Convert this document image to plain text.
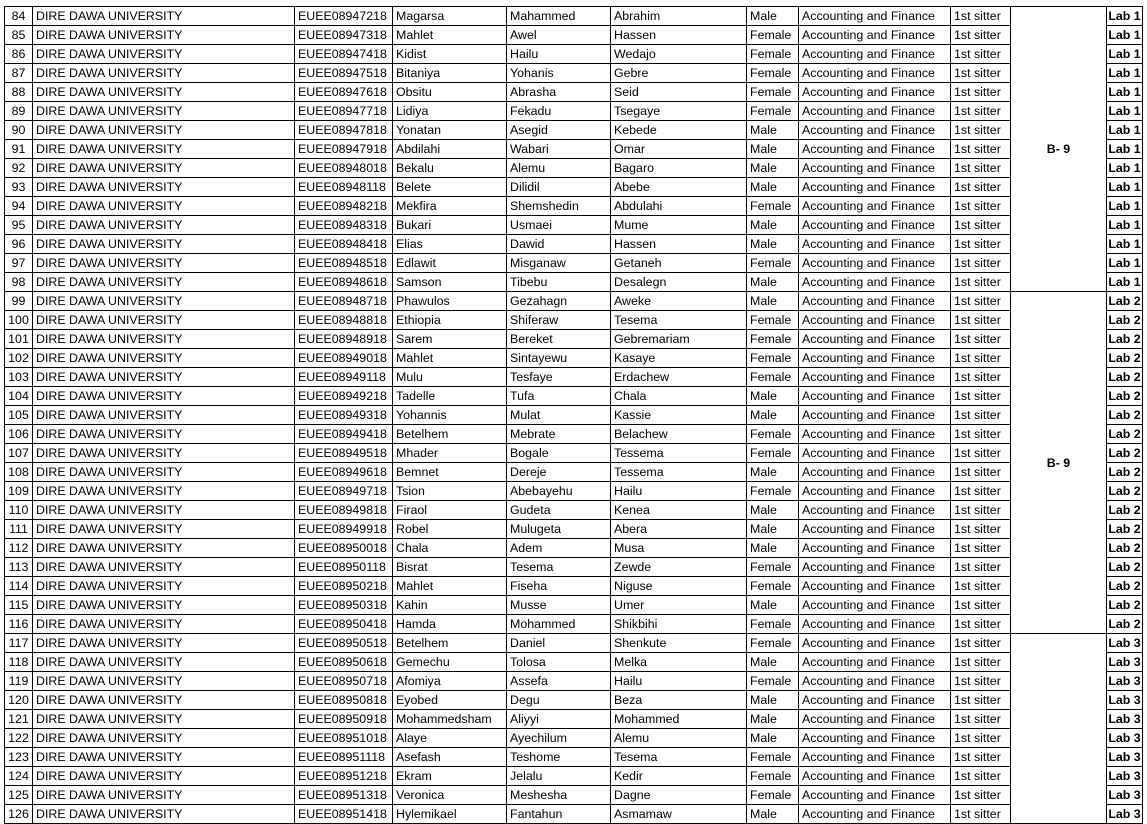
84	DIRE DAWA UNIVERSITY	EUEE08947218	Magarsa	Mahammed	Abrahim	Male	Accounting and Finance	1st sitter	B- 9	Lab 1
85	DIRE DAWA UNIVERSITY	EUEE08947318	Mahlet	Awel	Hassen	Female	Accounting and Finance	1st sitter		Lab 1
86	DIRE DAWA UNIVERSITY	EUEE08947418	Kidist	Hailu	Wedajo	Female	Accounting and Finance	1st sitter		Lab 1
87	DIRE DAWA UNIVERSITY	EUEE08947518	Bitaniya	Yohanis	Gebre	Female	Accounting and Finance	1st sitter		Lab 1
88	DIRE DAWA UNIVERSITY	EUEE08947618	Obsitu	Abrasha	Seid	Female	Accounting and Finance	1st sitter		Lab 1
89	DIRE DAWA UNIVERSITY	EUEE08947718	Lidiya	Fekadu	Tsegaye	Female	Accounting and Finance	1st sitter		Lab 1
90	DIRE DAWA UNIVERSITY	EUEE08947818	Yonatan	Asegid	Kebede	Male	Accounting and Finance	1st sitter		Lab 1
91	DIRE DAWA UNIVERSITY	EUEE08947918	Abdilahi	Wabari	Omar	Male	Accounting and Finance	1st sitter		Lab 1
92	DIRE DAWA UNIVERSITY	EUEE08948018	Bekalu	Alemu	Bagaro	Male	Accounting and Finance	1st sitter		Lab 1
93	DIRE DAWA UNIVERSITY	EUEE08948118	Belete	Dilidil	Abebe	Male	Accounting and Finance	1st sitter		Lab 1
94	DIRE DAWA UNIVERSITY	EUEE08948218	Mekfira	Shemshedin	Abdulahi	Female	Accounting and Finance	1st sitter		Lab 1
95	DIRE DAWA UNIVERSITY	EUEE08948318	Bukari	Usmaei	Mume	Male	Accounting and Finance	1st sitter		Lab 1
96	DIRE DAWA UNIVERSITY	EUEE08948418	Elias	Dawid	Hassen	Male	Accounting and Finance	1st sitter		Lab 1
97	DIRE DAWA UNIVERSITY	EUEE08948518	Edlawit	Misganaw	Getaneh	Female	Accounting and Finance	1st sitter		Lab 1
98	DIRE DAWA UNIVERSITY	EUEE08948618	Samson	Tibebu	Desalegn	Male	Accounting and Finance	1st sitter		Lab 1
99	DIRE DAWA UNIVERSITY	EUEE08948718	Phawulos	Gezahagn	Aweke	Male	Accounting and Finance	1st sitter	B- 9	Lab 2
100	DIRE DAWA UNIVERSITY	EUEE08948818	Ethiopia	Shiferaw	Tesema	Female	Accounting and Finance	1st sitter		Lab 2
101	DIRE DAWA UNIVERSITY	EUEE08948918	Sarem	Bereket	Gebremariam	Female	Accounting and Finance	1st sitter		Lab 2
102	DIRE DAWA UNIVERSITY	EUEE08949018	Mahlet	Sintayewu	Kasaye	Female	Accounting and Finance	1st sitter		Lab 2
103	DIRE DAWA UNIVERSITY	EUEE08949118	Mulu	Tesfaye	Erdachew	Female	Accounting and Finance	1st sitter		Lab 2
104	DIRE DAWA UNIVERSITY	EUEE08949218	Tadelle	Tufa	Chala	Male	Accounting and Finance	1st sitter		Lab 2
105	DIRE DAWA UNIVERSITY	EUEE08949318	Yohannis	Mulat	Kassie	Male	Accounting and Finance	1st sitter		Lab 2
106	DIRE DAWA UNIVERSITY	EUEE08949418	Betelhem	Mebrate	Belachew	Female	Accounting and Finance	1st sitter		Lab 2
107	DIRE DAWA UNIVERSITY	EUEE08949518	Mhader	Bogale	Tessema	Female	Accounting and Finance	1st sitter		Lab 2
108	DIRE DAWA UNIVERSITY	EUEE08949618	Bemnet	Dereje	Tessema	Male	Accounting and Finance	1st sitter		Lab 2
109	DIRE DAWA UNIVERSITY	EUEE08949718	Tsion	Abebayehu	Hailu	Female	Accounting and Finance	1st sitter		Lab 2
110	DIRE DAWA UNIVERSITY	EUEE08949818	Firaol	Gudeta	Kenea	Male	Accounting and Finance	1st sitter		Lab 2
111	DIRE DAWA UNIVERSITY	EUEE08949918	Robel	Mulugeta	Abera	Male	Accounting and Finance	1st sitter		Lab 2
112	DIRE DAWA UNIVERSITY	EUEE08950018	Chala	Adem	Musa	Male	Accounting and Finance	1st sitter		Lab 2
113	DIRE DAWA UNIVERSITY	EUEE08950118	Bisrat	Tesema	Zewde	Female	Accounting and Finance	1st sitter		Lab 2
114	DIRE DAWA UNIVERSITY	EUEE08950218	Mahlet	Fiseha	Niguse	Female	Accounting and Finance	1st sitter		Lab 2
115	DIRE DAWA UNIVERSITY	EUEE08950318	Kahin	Musse	Umer	Male	Accounting and Finance	1st sitter		Lab 2
116	DIRE DAWA UNIVERSITY	EUEE08950418	Hamda	Mohammed	Shikbihi	Female	Accounting and Finance	1st sitter		Lab 2
117	DIRE DAWA UNIVERSITY	EUEE08950518	Betelhem	Daniel	Shenkute	Female	Accounting and Finance	1st sitter		Lab 3
118	DIRE DAWA UNIVERSITY	EUEE08950618	Gemechu	Tolosa	Melka	Male	Accounting and Finance	1st sitter		Lab 3
119	DIRE DAWA UNIVERSITY	EUEE08950718	Afomiya	Assefa	Hailu	Female	Accounting and Finance	1st sitter		Lab 3
120	DIRE DAWA UNIVERSITY	EUEE08950818	Eyobed	Degu	Beza	Male	Accounting and Finance	1st sitter		Lab 3
121	DIRE DAWA UNIVERSITY	EUEE08950918	Mohammedsham	Aliyyi	Mohammed	Male	Accounting and Finance	1st sitter		Lab 3
122	DIRE DAWA UNIVERSITY	EUEE08951018	Alaye	Ayechilum	Alemu	Male	Accounting and Finance	1st sitter		Lab 3
123	DIRE DAWA UNIVERSITY	EUEE08951118	Asefash	Teshome	Tesema	Female	Accounting and Finance	1st sitter		Lab 3
124	DIRE DAWA UNIVERSITY	EUEE08951218	Ekram	Jelalu	Kedir	Female	Accounting and Finance	1st sitter		Lab 3
125	DIRE DAWA UNIVERSITY	EUEE08951318	Veronica	Meshesha	Dagne	Female	Accounting and Finance	1st sitter		Lab 3
126	DIRE DAWA UNIVERSITY	EUEE08951418	Hylemikael	Fantahun	Asmamaw	Male	Accounting and Finance	1st sitter		Lab 3
